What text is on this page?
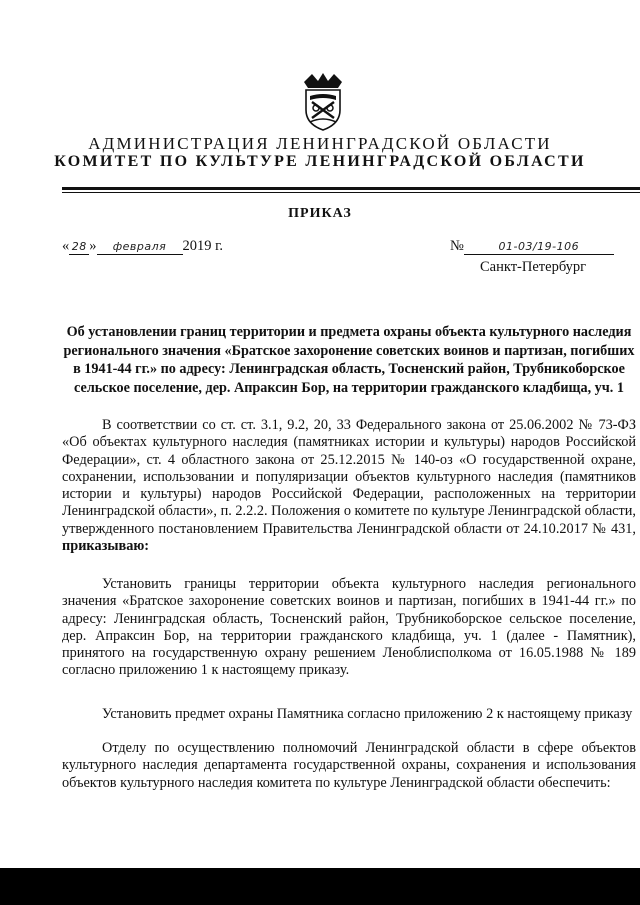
АДМИНИСТРАЦИЯ ЛЕНИНГРАДСКОЙ ОБЛАСТИ
КОМИТЕТ ПО КУЛЬТУРЕ ЛЕНИНГРАДСКОЙ ОБЛАСТИ
ПРИКАЗ
« 28 » февраля 2019 г.	№	01-03/19-106
Санкт-Петербург
Об установлении границ территории и предмета охраны объекта культурного наследия регионального значения «Братское захоронение советских воинов и партизан, погибших в 1941-44 гг.» по адресу: Ленинградская область, Тосненский район, Трубникоборское сельское поселение, дер. Апраксин Бор, на территории гражданского кладбища, уч. 1
В соответствии со ст. ст. 3.1, 9.2, 20, 33 Федерального закона от 25.06.2002 № 73-ФЗ «Об объектах культурного наследия (памятниках истории и культуры) народов Российской Федерации», ст. 4 областного закона от 25.12.2015 № 140-оз «О государственной охране, сохранении, использовании и популяризации объектов культурного наследия (памятников истории и культуры) народов Российской Федерации, расположенных на территории Ленинградской области», п. 2.2.2. Положения о комитете по культуре Ленинградской области, утвержденного постановлением Правительства Ленинградской области от 24.10.2017 № 431, приказываю:
Установить границы территории объекта культурного наследия регионального значения «Братское захоронение советских воинов и партизан, погибших в 1941-44 гг.» по адресу: Ленинградская область, Тосненский район, Трубникоборское сельское поселение, дер. Апраксин Бор, на территории гражданского кладбища, уч. 1 (далее - Памятник), принятого на государственную охрану решением Леноблисполкома от 16.05.1988 № 189 согласно приложению 1 к настоящему приказу.
Установить предмет охраны Памятника согласно приложению 2 к настоящему приказу
Отделу по осуществлению полномочий Ленинградской области в сфере объектов культурного наследия департамента государственной охраны, сохранения и использования объектов культурного наследия комитета по культуре Ленинградской области обеспечить:
